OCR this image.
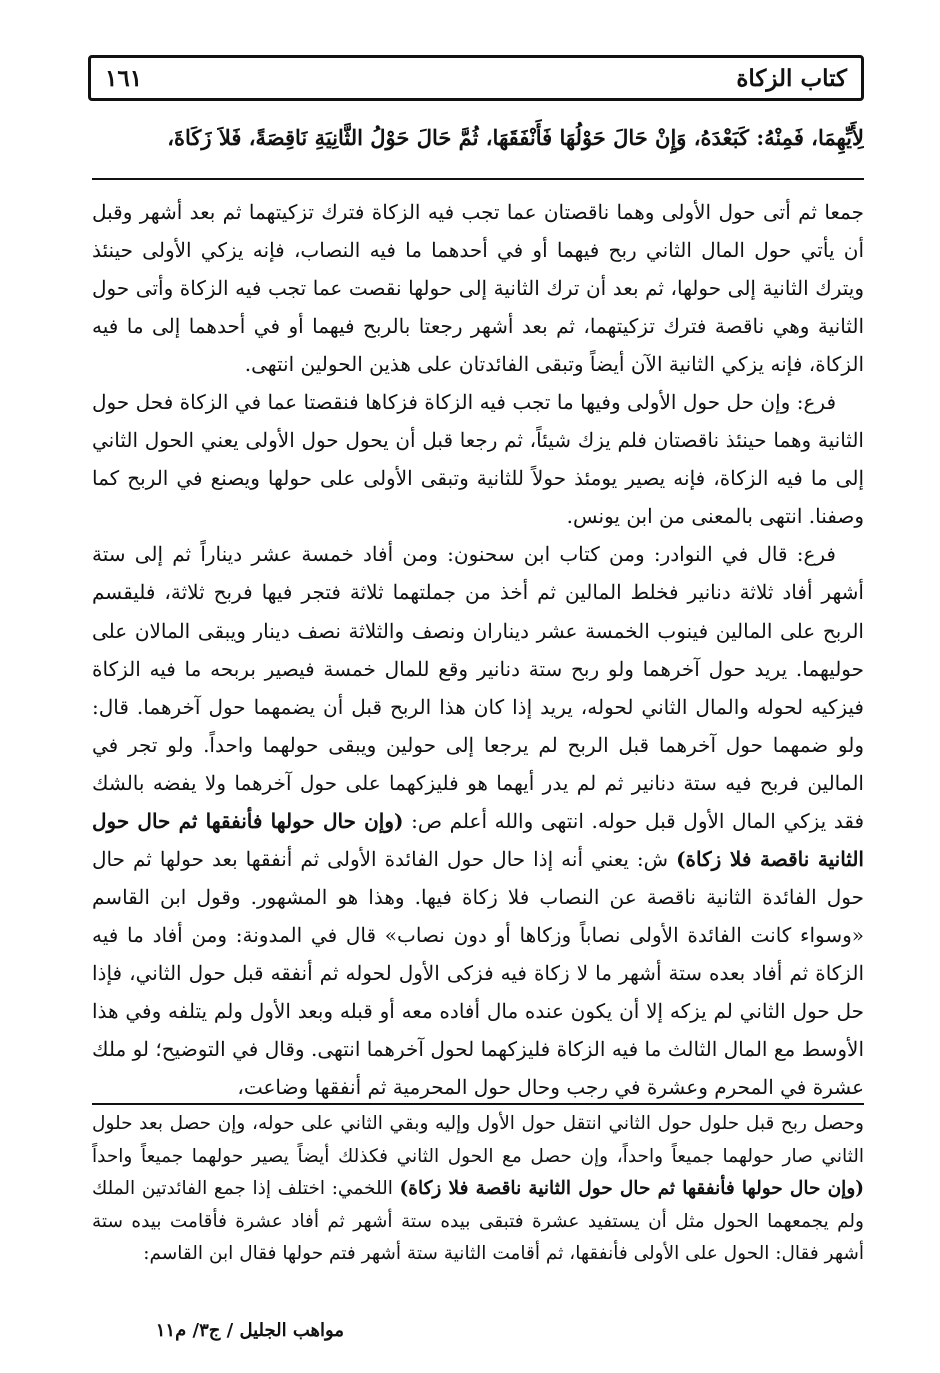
كتاب الزكاة
١٦١
لِأَيِّهِمَا، فَمِنْهُ: كَبَعْدَهُ، وَإِنْ حَالَ حَوْلُهَا فَأَنْفَقَهَا، ثُمَّ حَالَ حَوْلُ الثَّانِيَةِ نَاقِصَةً، فَلاَ زَكَاةَ،

جمعا ثم أتى حول الأولى وهما ناقصتان عما تجب فيه الزكاة فترك تزكيتهما ثم بعد أشهر وقبل أن يأتي حول المال الثاني ربح فيهما أو في أحدهما ما فيه النصاب، فإنه يزكي الأولى حينئذ ويترك الثانية إلى حولها، ثم بعد أن ترك الثانية إلى حولها نقصت عما تجب فيه الزكاة وأتى حول الثانية وهي ناقصة فترك تزكيتهما، ثم بعد أشهر رجعتا بالربح فيهما أو في أحدهما إلى ما فيه الزكاة، فإنه يزكي الثانية الآن أيضاً وتبقى الفائدتان على هذين الحولين انتهى.

فرع: وإن حل حول الأولى وفيها ما تجب فيه الزكاة فزكاها فنقصتا عما في الزكاة فحل حول الثانية وهما حينئذ ناقصتان فلم يزك شيئاً، ثم رجعا قبل أن يحول حول الأولى يعني الحول الثاني إلى ما فيه الزكاة، فإنه يصير يومئذ حولاً للثانية وتبقى الأولى على حولها ويصنع في الربح كما وصفنا. انتهى بالمعنى من ابن يونس.

فرع: قال في النوادر: ومن كتاب ابن سحنون: ومن أفاد خمسة عشر ديناراً ثم إلى ستة أشهر أفاد ثلاثة دنانير فخلط المالين ثم أخذ من جملتهما ثلاثة فتجر فيها فربح ثلاثة، فليقسم الربح على المالين فينوب الخمسة عشر ديناران ونصف والثلاثة نصف دينار ويبقى المالان على حوليهما. يريد حول آخرهما ولو ربح ستة دنانير وقع للمال خمسة فيصير بربحه ما فيه الزكاة فيزكيه لحوله والمال الثاني لحوله، يريد إذا كان هذا الربح قبل أن يضمهما حول آخرهما. قال: ولو ضمهما حول آخرهما قبل الربح لم يرجعا إلى حولين ويبقى حولهما واحداً. ولو تجر في المالين فربح فيه ستة دنانير ثم لم يدر أيهما هو فليزكهما على حول آخرهما ولا يفضه بالشك فقد يزكي المال الأول قبل حوله. انتهى والله أعلم ص: (وإن حال حولها فأنفقها ثم حال حول الثانية ناقصة فلا زكاة) ش: يعني أنه إذا حال حول الفائدة الأولى ثم أنفقها بعد حولها ثم حال حول الفائدة الثانية ناقصة عن النصاب فلا زكاة فيها. وهذا هو المشهور. وقول ابن القاسم «وسواء كانت الفائدة الأولى نصاباً وزكاها أو دون نصاب» قال في المدونة: ومن أفاد ما فيه الزكاة ثم أفاد بعده ستة أشهر ما لا زكاة فيه فزكى الأول لحوله ثم أنفقه قبل حول الثاني، فإذا حل حول الثاني لم يزكه إلا أن يكون عنده مال أفاده معه أو قبله وبعد الأول ولم يتلفه وفي هذا الأوسط مع المال الثالث ما فيه الزكاة فليزكهما لحول آخرهما انتهى. وقال في التوضيح؛ لو ملك عشرة في المحرم وعشرة في رجب وحال حول المحرمية ثم أنفقها وضاعت،

وحصل ربح قبل حلول حول الثاني انتقل حول الأول وإليه وبقي الثاني على حوله، وإن حصل بعد حلول الثاني صار حولهما جميعاً واحداً، وإن حصل مع الحول الثاني فكذلك أيضاً يصير حولهما جميعاً واحداً (وإن حال حولها فأنفقها ثم حال حول الثانية ناقصة فلا زكاة) اللخمي: اختلف إذا جمع الفائدتين الملك ولم يجمعهما الحول مثل أن يستفيد عشرة فتبقى بيده ستة أشهر ثم أفاد عشرة فأقامت بيده ستة أشهر فقال: الحول على الأولى فأنفقها، ثم أقامت الثانية ستة أشهر فتم حولها فقال ابن القاسم:

مواهب الجليل / ج٣/ م١١
